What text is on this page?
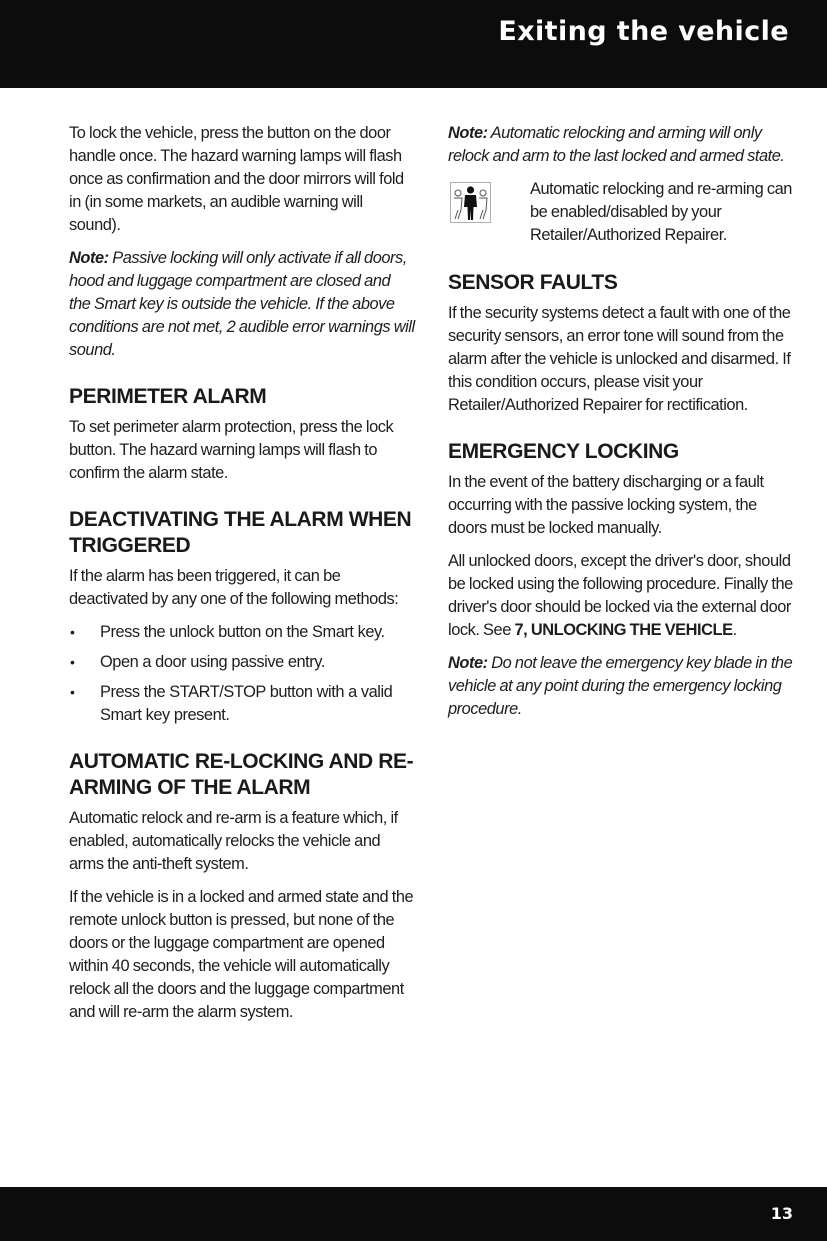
Exiting the vehicle

To lock the vehicle, press the button on the door handle once. The hazard warning lamps will flash once as confirmation and the door mirrors will fold in (in some markets, an audible warning will sound).

Note: Passive locking will only activate if all doors, hood and luggage compartment are closed and the Smart key is outside the vehicle. If the above conditions are not met, 2 audible error warnings will sound.

PERIMETER ALARM

To set perimeter alarm protection, press the lock button. The hazard warning lamps will flash to confirm the alarm state.

DEACTIVATING THE ALARM WHEN TRIGGERED

If the alarm has been triggered, it can be deactivated by any one of the following methods:

• Press the unlock button on the Smart key.
• Open a door using passive entry.
• Press the START/STOP button with a valid Smart key present.
AUTOMATIC RE-LOCKING AND RE-ARMING OF THE ALARM

Automatic relock and re-arm is a feature which, if enabled, automatically relocks the vehicle and arms the anti-theft system.

If the vehicle is in a locked and armed state and the remote unlock button is pressed, but none of the doors or the luggage compartment are opened within 40 seconds, the vehicle will automatically relock all the doors and the luggage compartment and will re-arm the alarm system.

Note: Automatic relocking and arming will only relock and arm to the last locked and armed state.

Automatic relocking and re-arming can be enabled/disabled by your Retailer/Authorized Repairer.

SENSOR FAULTS

If the security systems detect a fault with one of the security sensors, an error tone will sound from the alarm after the vehicle is unlocked and disarmed. If this condition occurs, please visit your Retailer/Authorized Repairer for rectification.

EMERGENCY LOCKING

In the event of the battery discharging or a fault occurring with the passive locking system, the doors must be locked manually.

All unlocked doors, except the driver's door, should be locked using the following procedure. Finally the driver's door should be locked via the external door lock. See 7, UNLOCKING THE VEHICLE.

Note: Do not leave the emergency key blade in the vehicle at any point during the emergency locking procedure.

13
